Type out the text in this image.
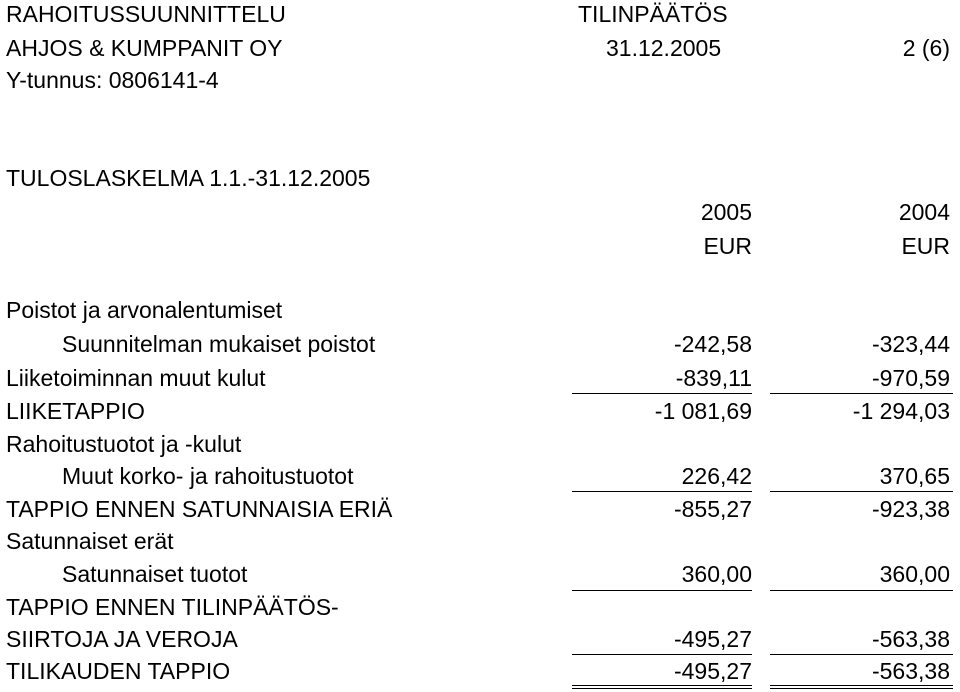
RAHOITUSSUUNNITTELU	TILINPÄÄTÖS
AHJOS & KUMPPANIT OY	31.12.2005	2 (6)
Y-tunnus: 0806141-4
TULOSLASKELMA 1.1.-31.12.2005
2005	2004
EUR	EUR
Poistot ja arvonalentumiset
Suunnitelman mukaiset poistot	-242,58	-323,44
Liiketoiminnan muut kulut	-839,11	-970,59
LIIKETAPPIO	-1 081,69	-1 294,03
Rahoitustuotot ja -kulut
Muut korko- ja rahoitustuotot	226,42	370,65
TAPPIO ENNEN SATUNNAISIA ERIÄ	-855,27	-923,38
Satunnaiset erät
Satunnaiset tuotot	360,00	360,00
TAPPIO ENNEN TILINPÄÄTÖS-
SIIRTOJA JA VEROJA	-495,27	-563,38
TILIKAUDEN TAPPIO	-495,27	-563,38
